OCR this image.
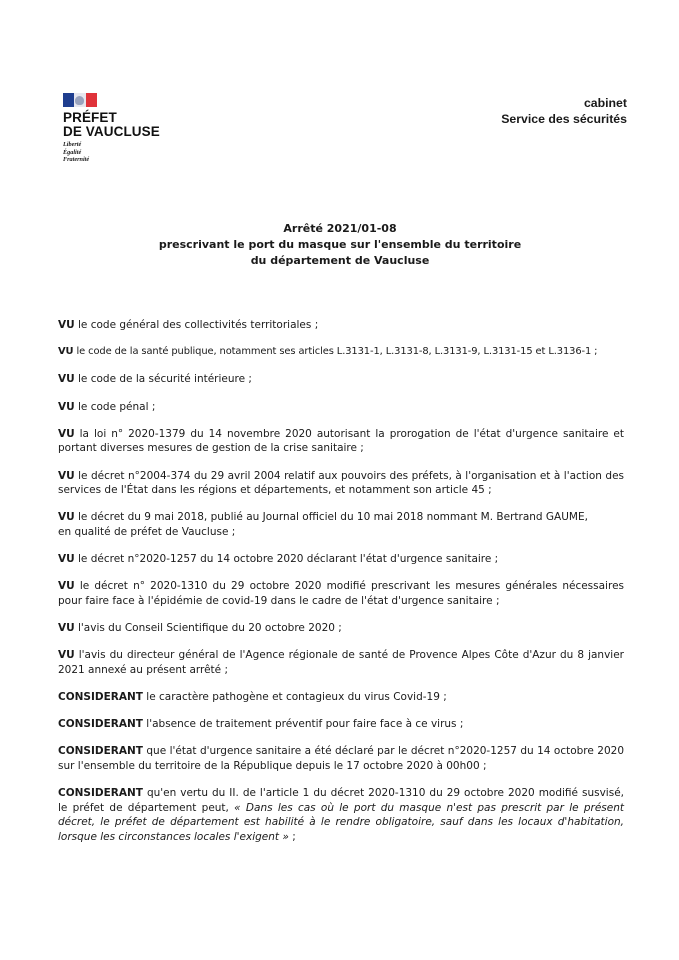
PRÉFET
DE VAUCLUSE
Liberté
Égalité
Fraternité
cabinet
Service des sécurités
Arrêté 2021/01-08
prescrivant le port du masque sur l'ensemble du territoire
du département de Vaucluse

VU le code général des collectivités territoriales ;

VU le code de la santé publique, notamment ses articles L.3131-1, L.3131-8, L.3131-9, L.3131-15 et L.3136-1 ;

VU le code de la sécurité intérieure ;

VU le code pénal ;

VU la loi n° 2020-1379 du 14 novembre 2020 autorisant la prorogation de l'état d'urgence sanitaire et portant diverses mesures de gestion de la crise sanitaire ;

VU le décret n°2004-374 du 29 avril 2004 relatif aux pouvoirs des préfets, à l'organisation et à l'action des services de l'État dans les régions et départements, et notamment son article 45 ;

VU le décret du 9 mai 2018, publié au Journal officiel du 10 mai 2018 nommant M. Bertrand GAUME,
en qualité de préfet de Vaucluse ;

VU le décret n°2020-1257 du 14 octobre 2020 déclarant l'état d'urgence sanitaire ;

VU le décret n° 2020-1310 du 29 octobre 2020 modifié prescrivant les mesures générales nécessaires pour faire face à l'épidémie de covid-19 dans le cadre de l'état d'urgence sanitaire ;

VU l'avis du Conseil Scientifique du 20 octobre 2020 ;

VU l'avis du directeur général de l'Agence régionale de santé de Provence Alpes Côte d'Azur du 8 janvier 2021 annexé au présent arrêté ;

CONSIDERANT le caractère pathogène et contagieux du virus Covid-19 ;

CONSIDERANT l'absence de traitement préventif pour faire face à ce virus ;

CONSIDERANT que l'état d'urgence sanitaire a été déclaré par le décret n°2020-1257 du 14 octobre 2020 sur l'ensemble du territoire de la République depuis le 17 octobre 2020 à 00h00 ;

CONSIDERANT qu'en vertu du II. de l'article 1 du décret 2020-1310 du 29 octobre 2020 modifié susvisé, le préfet de département peut, « Dans les cas où le port du masque n'est pas prescrit par le présent décret, le préfet de département est habilité à le rendre obligatoire, sauf dans les locaux d'habitation, lorsque les circonstances locales l'exigent » ;
